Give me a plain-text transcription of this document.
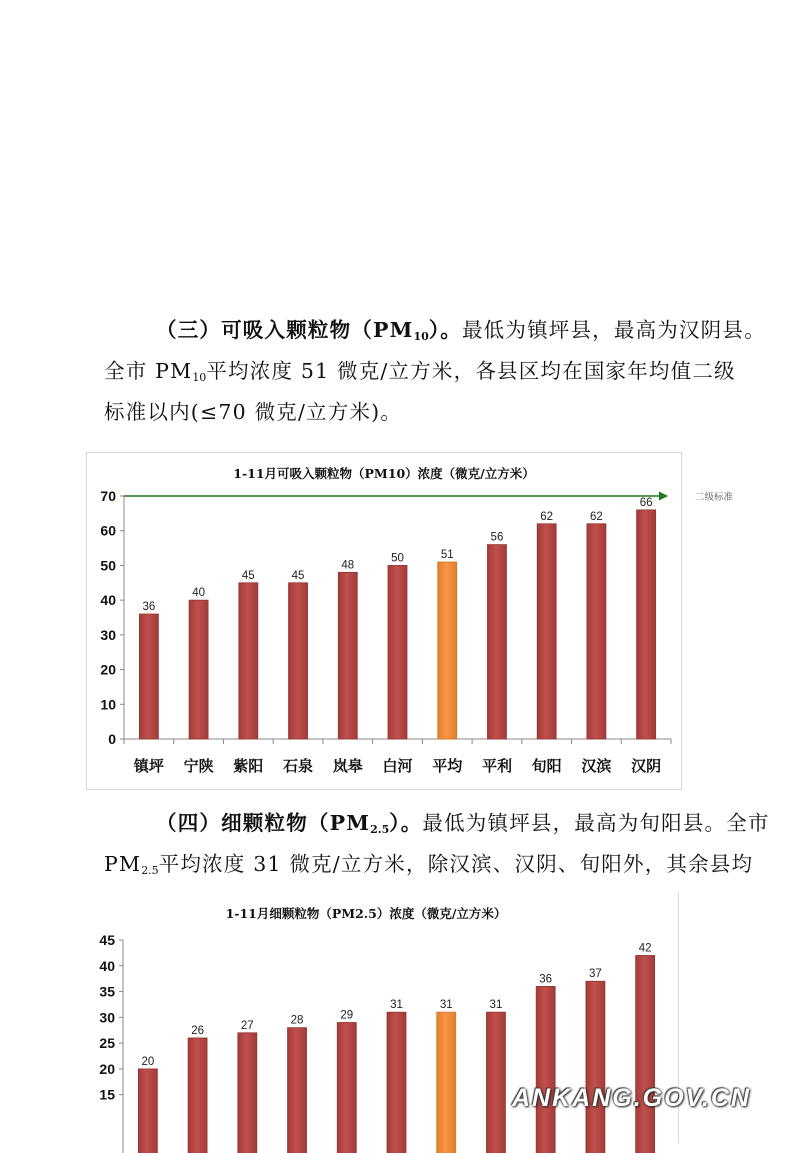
（三）可吸入颗粒物$(PM_{10})$。最低为镇坪县，最高为汉阴县。
全市 $PM_{10}$平均浓度 51 微克/立方米，各县区均在国家年均值二级
标准以内(≤70 微克/立方米)。
1-11月可吸入颗粒物（PM10）浓度（微克/立方米）
0
10
20
30
40
50
60
70
36
镇坪
40
宁陕
45
紫阳
45
石泉
48
岚皋
50
白河
51
平均
56
平利
62
旬阳
62
汉滨
66
汉阴
二级标准
（四）细颗粒物$(PM_{2.5})$。最低为镇坪县，最高为旬阳县。全市
$PM_{2.5}$平均浓度 31 微克/立方米，除汉滨、汉阴、旬阳外，其余县均
1-11月细颗粒物（PM2.5）浓度（微克/立方米）
15
20
25
30
35
40
45
20
26	27	28	29
31	31	31
36	37
42
ANKANG.GOV.CN
